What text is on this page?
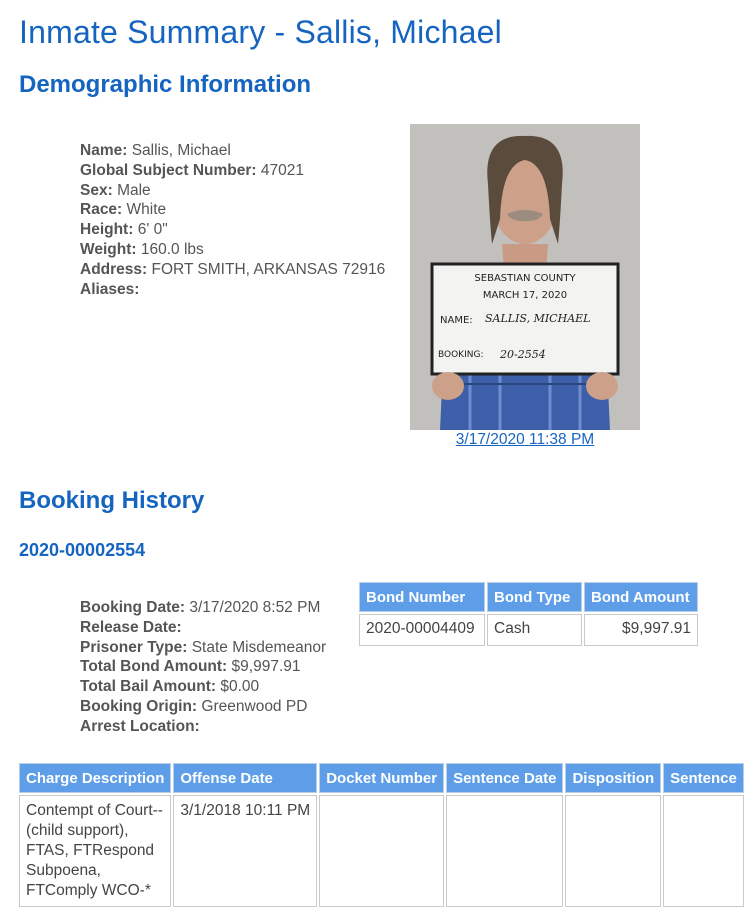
Inmate Summary - Sallis, Michael
Demographic Information
Name: Sallis, Michael
Global Subject Number: 47021
Sex: Male
Race: White
Height: 6' 0"
Weight: 160.0 lbs
Address: FORT SMITH, ARKANSAS 72916
Aliases:
SEBASTIAN COUNTY
MARCH 17, 2020
NAME: SALLIS, MICHAEL
BOOKING: 20-2554
3/17/2020 11:38 PM
Booking History
2020-00002554
Booking Date: 3/17/2020 8:52 PM
Release Date:
Prisoner Type: State Misdemeanor
Total Bond Amount: $9,997.91
Total Bail Amount: $0.00
Booking Origin: Greenwood PD
Arrest Location:
Bond Number	Bond Type	Bond Amount
2020-00004409	Cash	$9,997.91
Charge Description	Offense Date	Docket Number	Sentence Date	Disposition	Sentence
Contempt of Court--(child support), FTAS, FTRespond Subpoena, FTComply WCO-*	3/1/2018 10:11 PM				
